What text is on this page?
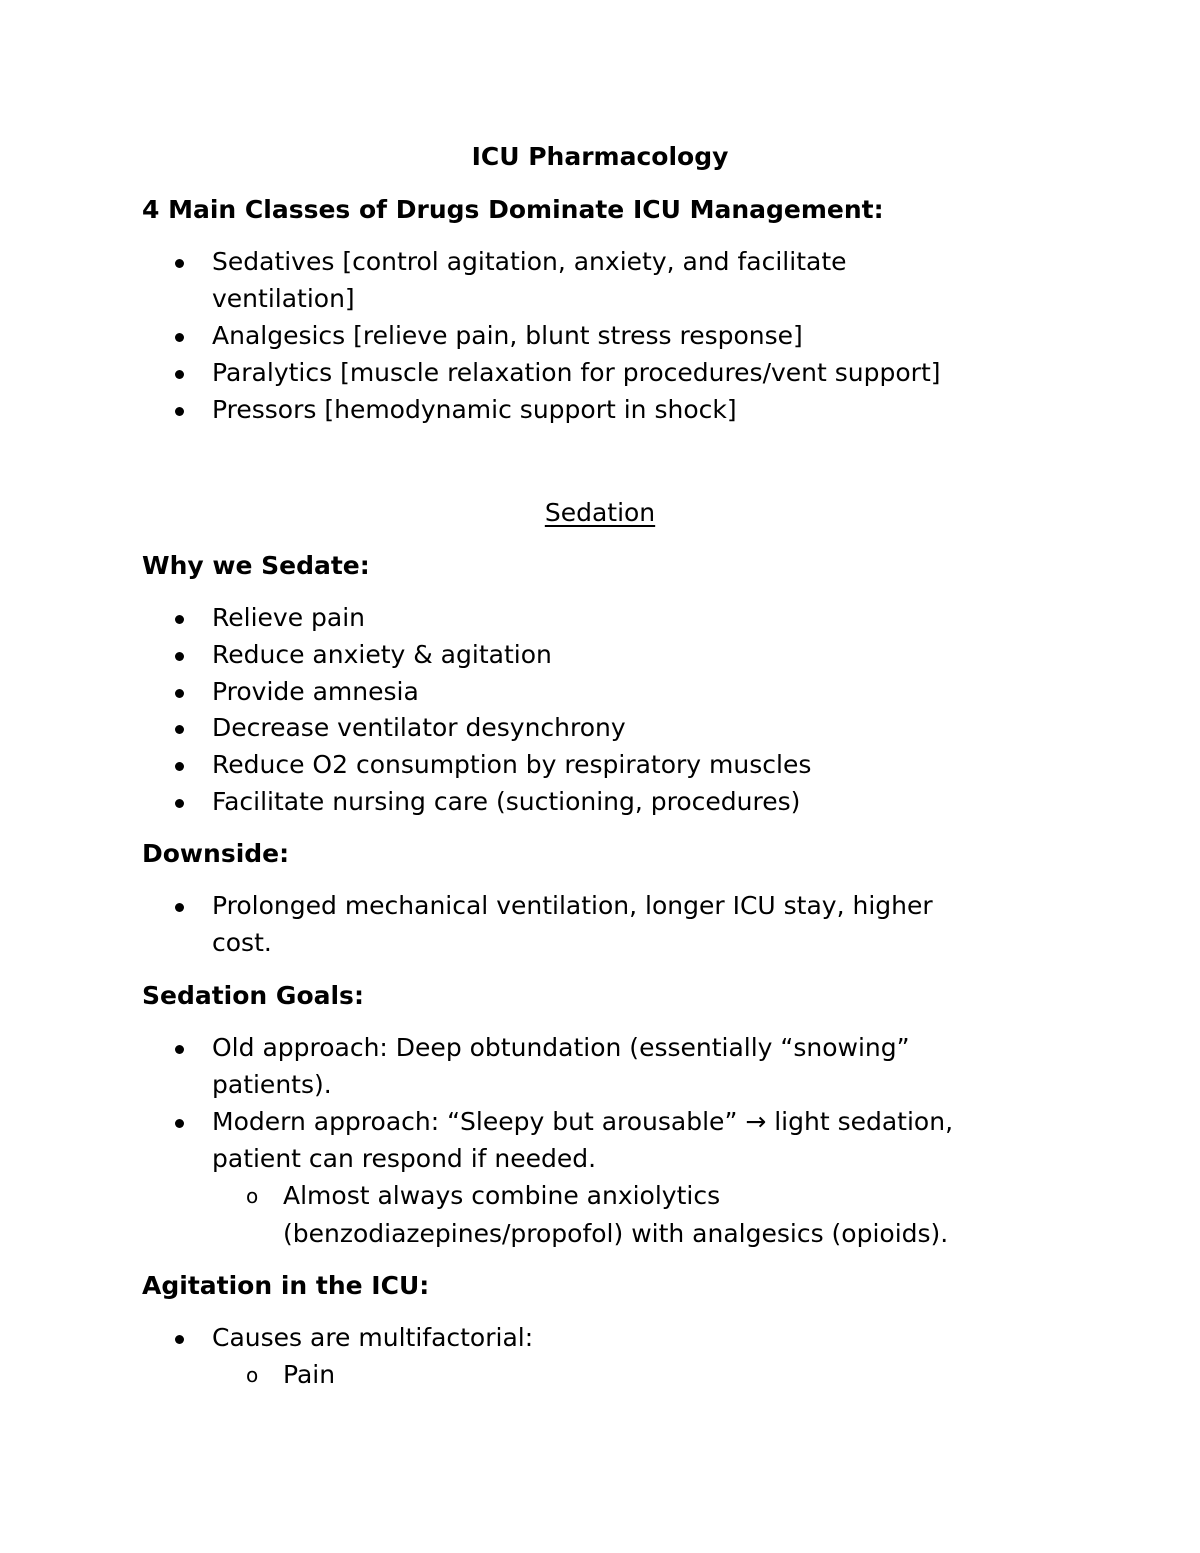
ICU Pharmacology
4 Main Classes of Drugs Dominate ICU Management:
Sedatives [control agitation, anxiety, and facilitate
ventilation]
Analgesics [relieve pain, blunt stress response]
Paralytics [muscle relaxation for procedures/vent support]
Pressors [hemodynamic support in shock]
Sedation
Why we Sedate:
Relieve pain
Reduce anxiety & agitation
Provide amnesia
Decrease ventilator desynchrony
Reduce O2 consumption by respiratory muscles
Facilitate nursing care (suctioning, procedures)
Downside:
Prolonged mechanical ventilation, longer ICU stay, higher
cost.
Sedation Goals:
Old approach: Deep obtundation (essentially “snowing”
patients).
Modern approach: “Sleepy but arousable” → light sedation,
patient can respond if needed.
o Almost always combine anxiolytics
(benzodiazepines/propofol) with analgesics (opioids).
Agitation in the ICU:
Causes are multifactorial:
o Pain
